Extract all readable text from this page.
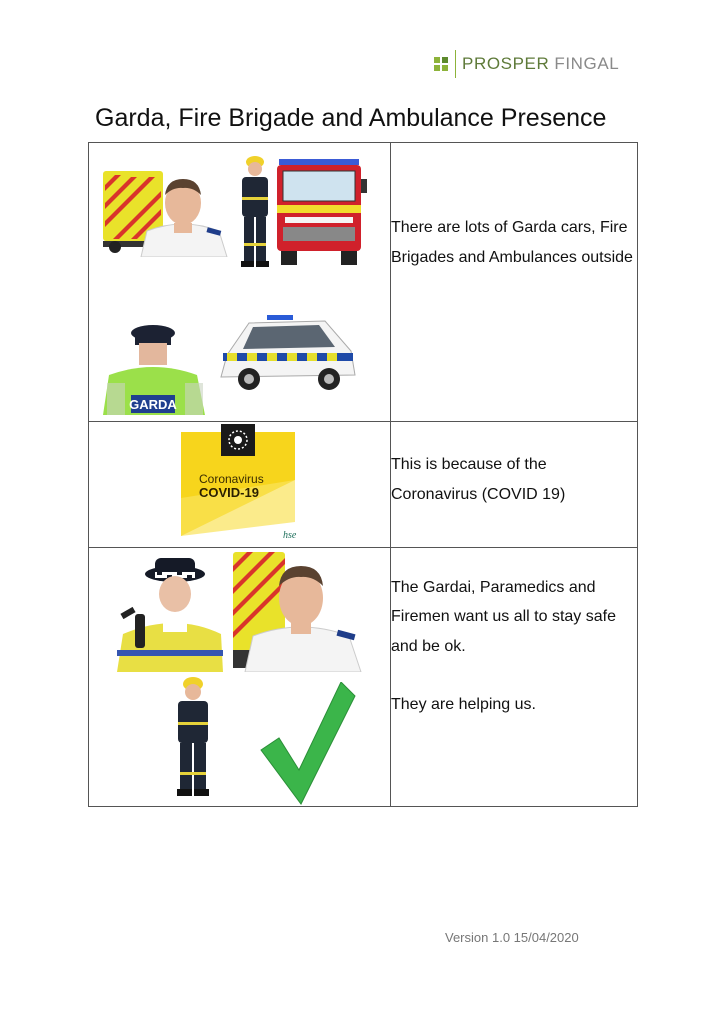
PROSPER FINGAL
Garda, Fire Brigade and Ambulance Presence
GARDA	There are lots of Garda cars, Fire Brigades and Ambulances outside

Coronavirus
COVID-19
hse	This is because of the Coronavirus (COVID 19)

The Gardai, Paramedics and Firemen want us all to stay safe and be ok.

They are helping us.

Version 1.0 15/04/2020
